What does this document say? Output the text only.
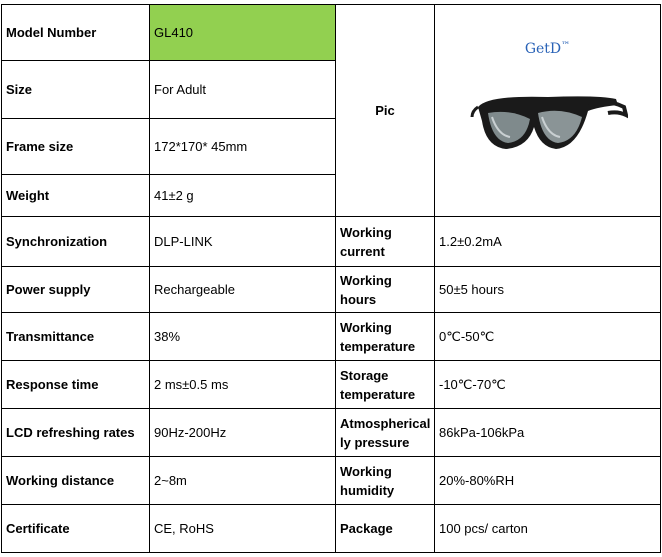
Model Number	GL410	Pic	GetD™

Size	For Adult		
Frame size	172*170* 45mm		
Weight	41±2 g		
Synchronization	DLP-LINK	Working current	1.2±0.2mA
Power supply	Rechargeable	Working hours	50±5 hours
Transmittance	38%	Working temperature	0℃-50℃
Response time	2 ms±0.5 ms	Storage temperature	-10℃-70℃
LCD refreshing rates	90Hz-200Hz	Atmospherical ly pressure	86kPa-106kPa
Working distance	2~8m	Working humidity	20%-80%RH
Certificate	CE, RoHS	Package	100 pcs/ carton
